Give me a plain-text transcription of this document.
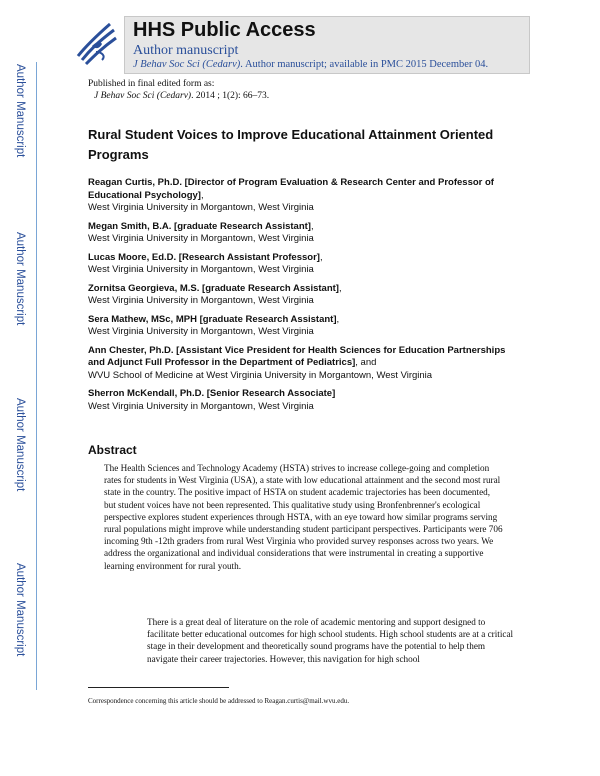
Author Manuscript
Author Manuscript
Author Manuscript
Author Manuscript
HHS Public Access
Author manuscript
J Behav Soc Sci (Cedarv). Author manuscript; available in PMC 2015 December 04.
Published in final edited form as:
J Behav Soc Sci (Cedarv). 2014 ; 1(2): 66–73.
Rural Student Voices to Improve Educational Attainment Oriented Programs
Reagan Curtis, Ph.D. [Director of Program Evaluation & Research Center and Professor of Educational Psychology],
West Virginia University in Morgantown, West Virginia
Megan Smith, B.A. [graduate Research Assistant],
West Virginia University in Morgantown, West Virginia
Lucas Moore, Ed.D. [Research Assistant Professor],
West Virginia University in Morgantown, West Virginia
Zornitsa Georgieva, M.S. [graduate Research Assistant],
West Virginia University in Morgantown, West Virginia
Sera Mathew, MSc, MPH [graduate Research Assistant],
West Virginia University in Morgantown, West Virginia
Ann Chester, Ph.D. [Assistant Vice President for Health Sciences for Education Partnerships and Adjunct Full Professor in the Department of Pediatrics], and
WVU School of Medicine at West Virginia University in Morgantown, West Virginia
Sherron McKendall, Ph.D. [Senior Research Associate]
West Virginia University in Morgantown, West Virginia
Abstract
The Health Sciences and Technology Academy (HSTA) strives to increase college-going and completion rates for students in West Virginia (USA), a state with low educational attainment and the second most rural state in the country. The positive impact of HSTA on student academic trajectories has been documented, but student voices have not been represented. This qualitative study using Bronfenbrenner's ecological perspective explores student experiences through HSTA, with an eye toward how similar programs serving rural populations might improve while understanding student participant perspectives. Participants were 706 incoming 9th -12th graders from rural West Virginia who provided survey responses across two years. We address the organizational and individual considerations that were instrumental in creating a supportive learning environment for rural youth.
There is a great deal of literature on the role of academic mentoring and support designed to facilitate better educational outcomes for high school students. High school students are at a critical stage in their development and theoretically sound programs have the potential to help them navigate their career trajectories. However, this navigation for high school
Correspondence concerning this article should be addressed to Reagan.curtis@mail.wvu.edu.
